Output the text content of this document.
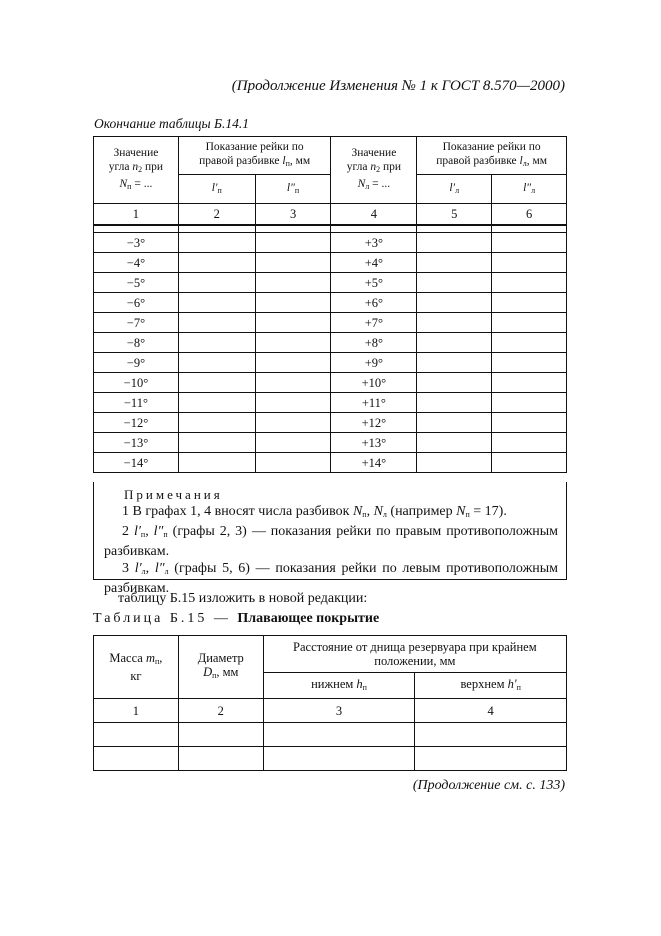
(Продолжение Изменения № 1 к ГОСТ 8.570—2000)
Окончание таблицы Б.14.1
Значение
угла $n_2$ при
$N_п$ = ...	Показание рейки по
правой разбивке $l_п$, мм		Значение
угла $n_2$ при
$N_л$ = ...	Показание рейки по
правой разбивке $l_л$, мм	
	$l'_п$	$l''_п$		$l'_л$	$l''_л$
1	2	3	4	5	6

−3°			+3°		
−4°			+4°		
−5°			+5°		
−6°			+6°		
−7°			+7°		
−8°			+8°		
−9°			+9°		
−10°			+10°		
−11°			+11°		
−12°			+12°		
−13°			+13°		
−14°			+14°		
Примечания

1 В графах 1, 4 вносят числа разбивок $N_п$, $N_л$ (например $N_п = 17$).

2 $l'_п$, $l''_п$ (графы 2, 3) — показания рейки по правым противоположным разбивкам.

3 $l'_л$, $l''_л$ (графы 5, 6) — показания рейки по левым противоположным разбивкам.

таблицу Б.15 изложить в новой редакции:
Таблица Б.15 — Плавающее покрытие
Масса $m_п$,
кг	Диаметр
$D_п$, мм	Расстояние от днища резервуара при крайнем
положении, мм	
		нижнем $h_п$	верхнем $h'_п$
1	2	3	4

(Продолжение см. с. 133)
